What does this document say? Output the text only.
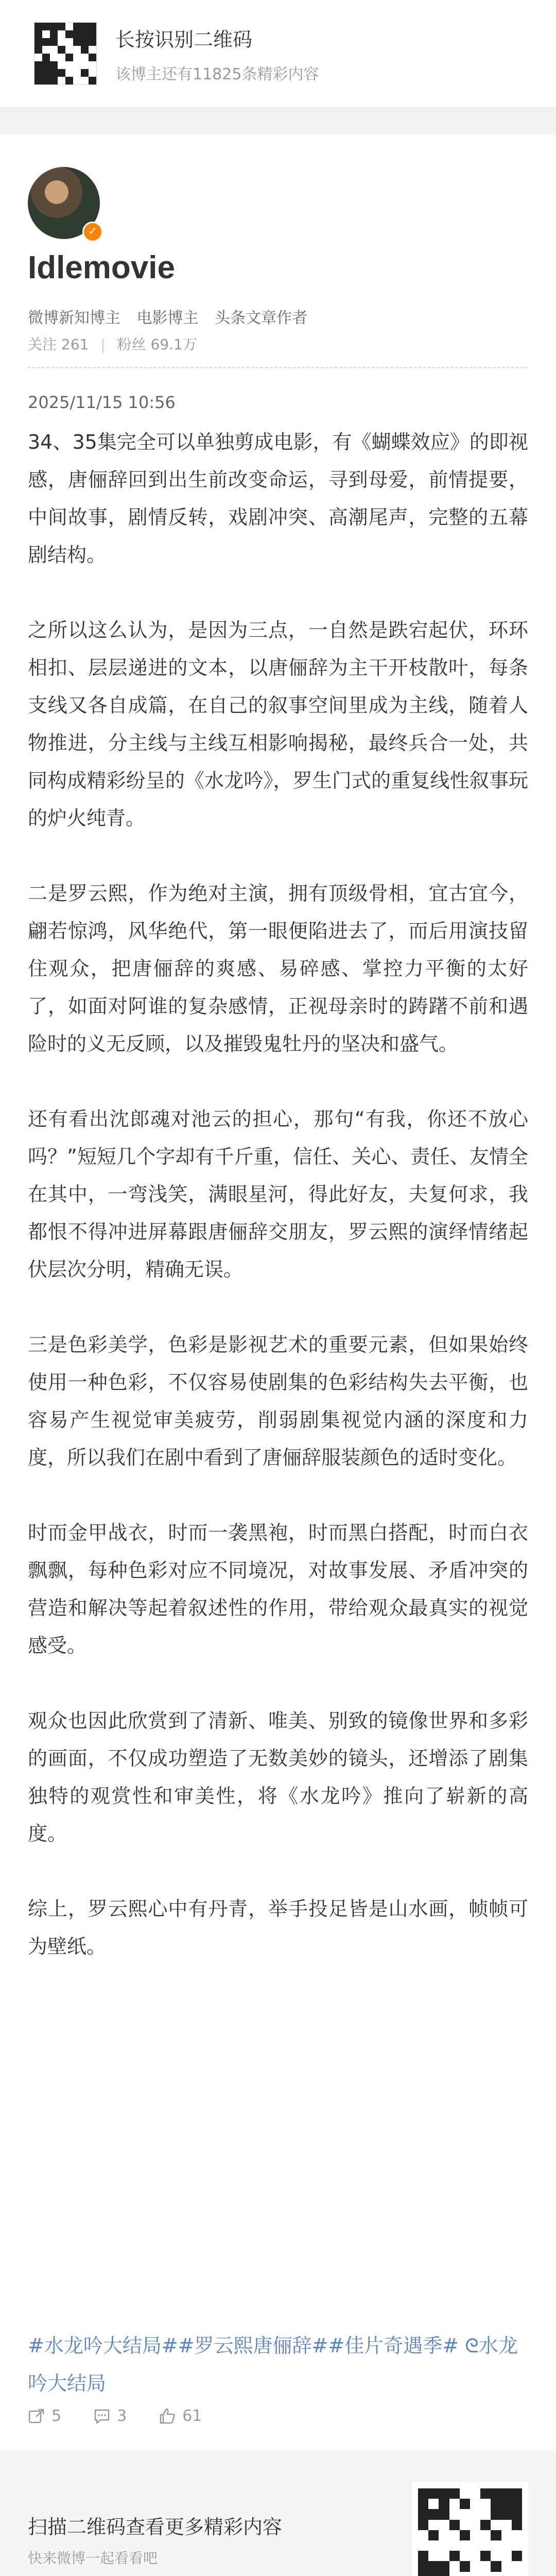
长按识别二维码
该博主还有11825条精彩内容
✓
Idlemovie
微博新知博主 电影博主 头条文章作者
关注 261 | 粉丝 69.1万
2025/11/15 10:56

34、35集完全可以单独剪成电影，有《蝴蝶效应》的即视感，唐俪辞回到出生前改变命运，寻到母爱，前情提要，中间故事，剧情反转，戏剧冲突、高潮尾声，完整的五幕剧结构。

之所以这么认为，是因为三点，一自然是跌宕起伏，环环相扣、层层递进的文本，以唐俪辞为主干开枝散叶，每条支线又各自成篇，在自己的叙事空间里成为主线，随着人物推进，分主线与主线互相影响揭秘，最终兵合一处，共同构成精彩纷呈的《水龙吟》，罗生门式的重复线性叙事玩的炉火纯青。

二是罗云熙，作为绝对主演，拥有顶级骨相，宜古宜今，翩若惊鸿，风华绝代，第一眼便陷进去了，而后用演技留住观众，把唐俪辞的爽感、易碎感、掌控力平衡的太好了，如面对阿谁的复杂感情，正视母亲时的踌躇不前和遇险时的义无反顾，以及摧毁鬼牡丹的坚决和盛气。

还有看出沈郎魂对池云的担心，那句“有我，你还不放心吗？”短短几个字却有千斤重，信任、关心、责任、友情全在其中，一弯浅笑，满眼星河，得此好友，夫复何求，我都恨不得冲进屏幕跟唐俪辞交朋友，罗云熙的演绎情绪起伏层次分明，精确无误。

三是色彩美学，色彩是影视艺术的重要元素，但如果始终使用一种色彩，不仅容易使剧集的色彩结构失去平衡，也容易产生视觉审美疲劳，削弱剧集视觉内涵的深度和力度，所以我们在剧中看到了唐俪辞服装颜色的适时变化。

时而金甲战衣，时而一袭黑袍，时而黑白搭配，时而白衣飘飘，每种色彩对应不同境况，对故事发展、矛盾冲突的营造和解决等起着叙述性的作用，带给观众最真实的视觉感受。

观众也因此欣赏到了清新、唯美、别致的镜像世界和多彩的画面，不仅成功塑造了无数美妙的镜头，还增添了剧集独特的观赏性和审美性，将《水龙吟》推向了崭新的高度。

综上，罗云熙心中有丹青，举手投足皆是山水画，帧帧可为壁纸。

#水龙吟大结局##罗云熙唐俪辞##佳片奇遇季# ᘓ水龙吟大结局
5	3	61
扫描二维码查看更多精彩内容
快来微博一起看看吧
